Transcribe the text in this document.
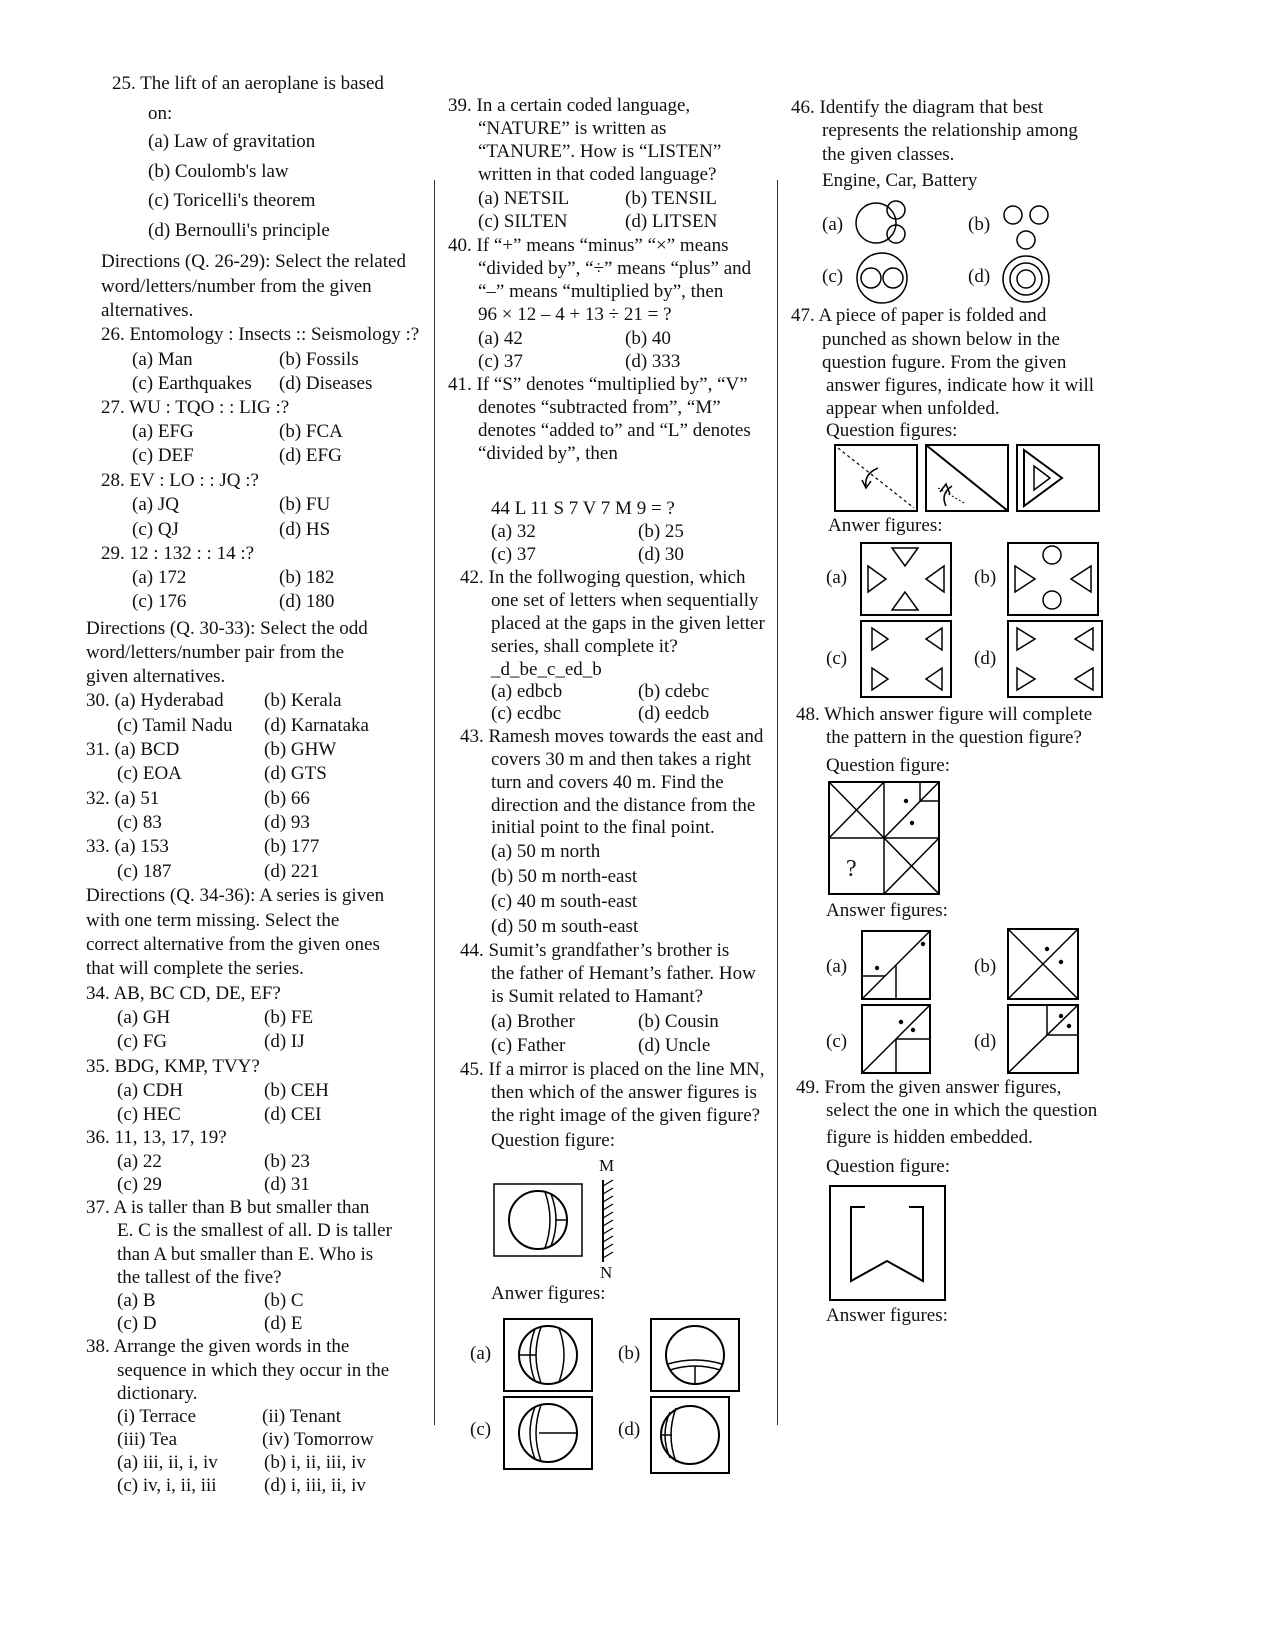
25. The lift of an aeroplane is based
on:
(a) Law of gravitation
(b) Coulomb's law
(c) Toricelli's theorem
(d) Bernoulli's principle
Directions (Q. 26-29): Select the related
word/letters/number from the given
alternatives.
26. Entomology : Insects :: Seismology :?
(a) Man	(b) Fossils
(c) Earthquakes (d) Diseases
27. WU : TQO : : LIG :?
(a) EFG	(b) FCA
(c) DEF	(d) EFG
28. EV : LO : : JQ :?
(a) JQ	(b) FU
(c) QJ	(d) HS
29. 12 : 132 : : 14 :?
(a) 172	(b) 182
(c) 176	(d) 180
Directions (Q. 30-33): Select the odd
word/letters/number pair from the
given alternatives.
30. (a) Hyderabad (b) Kerala
(c) Tamil Nadu (d) Karnataka
31. (a) BCD	(b) GHW
(c) EOA	(d) GTS
32. (a) 51	(b) 66
(c) 83	(d) 93
33. (a) 153	(b) 177
(c) 187	(d) 221
Directions (Q. 34-36): A series is given
with one term missing. Select the
correct alternative from the given ones
that will complete the series.
34. AB, BC CD, DE, EF?
(a) GH	(b) FE
(c) FG	(d) IJ
35. BDG, KMP, TVY?
(a) CDH	(b) CEH
(c) HEC	(d) CEI
36. 11, 13, 17, 19?
(a) 22	(b) 23
(c) 29	(d) 31
37. A is taller than B but smaller than
E. C is the smallest of all. D is taller
than A but smaller than E. Who is
the tallest of the five?
(a) B	(b) C
(c) D	(d) E
38. Arrange the given words in the
sequence in which they occur in the
dictionary.
(i) Terrace	(ii) Tenant
(iii) Tea	(iv) Tomorrow
(a) iii, ii, i, iv (b) i, ii, iii, iv
(c) iv, i, ii, iii (d) i, iii, ii, iv
39. In a certain coded language,
“NATURE” is written as
“TANURE”. How is “LISTEN”
written in that coded language?
(a) NETSIL	(b) TENSIL
(c) SILTEN	(d) LITSEN
40. If “+” means “minus” “×” means
“divided by”, “÷” means “plus” and
“–” means “multiplied by”, then
96 × 12 – 4 + 13 ÷ 21 = ?
(a) 42	(b) 40
(c) 37	(d) 333
41. If “S” denotes “multiplied by”, “V”
denotes “subtracted from”, “M”
denotes “added to” and “L” denotes
“divided by”, then
44 L 11 S 7 V 7 M 9 = ?
(a) 32	(b) 25
(c) 37	(d) 30
42. In the follwoging question, which
one set of letters when sequentially
placed at the gaps in the given letter
series, shall complete it?
_d_be_c_ed_b
(a) edbcb	(b) cdebc
(c) ecdbc	(d) eedcb
43. Ramesh moves towards the east and
covers 30 m and then takes a right
turn and covers 40 m. Find the
direction and the distance from the
initial point to the final point.
(a) 50 m north
(b) 50 m north-east
(c) 40 m south-east
(d) 50 m south-east
44. Sumit’s grandfather’s brother is
the father of Hemant’s father. How
is Sumit related to Hamant?
(a) Brother	(b) Cousin
(c) Father	(d) Uncle
45. If a mirror is placed on the line MN,
then which of the answer figures is
the right image of the given figure?
Question figure:
M
N
Anwer figures:
(a)	(b)
(c)	(d)
46. Identify the diagram that best
represents the relationship among
the given classes.
Engine, Car, Battery
(a)	(b)
(c)	(d)
47. A piece of paper is folded and
punched as shown below in the
question fugure. From the given
answer figures, indicate how it will
appear when unfolded.
Question figures:
Anwer figures:
(a)	(b)
(c)	(d)
48. Which answer figure will complete
the pattern in the question figure?
Question figure:
?
Answer figures:
(a)	(b)
(c)	(d)
49. From the given answer figures,
select the one in which the question
figure is hidden embedded.
Question figure:
Answer figures:
